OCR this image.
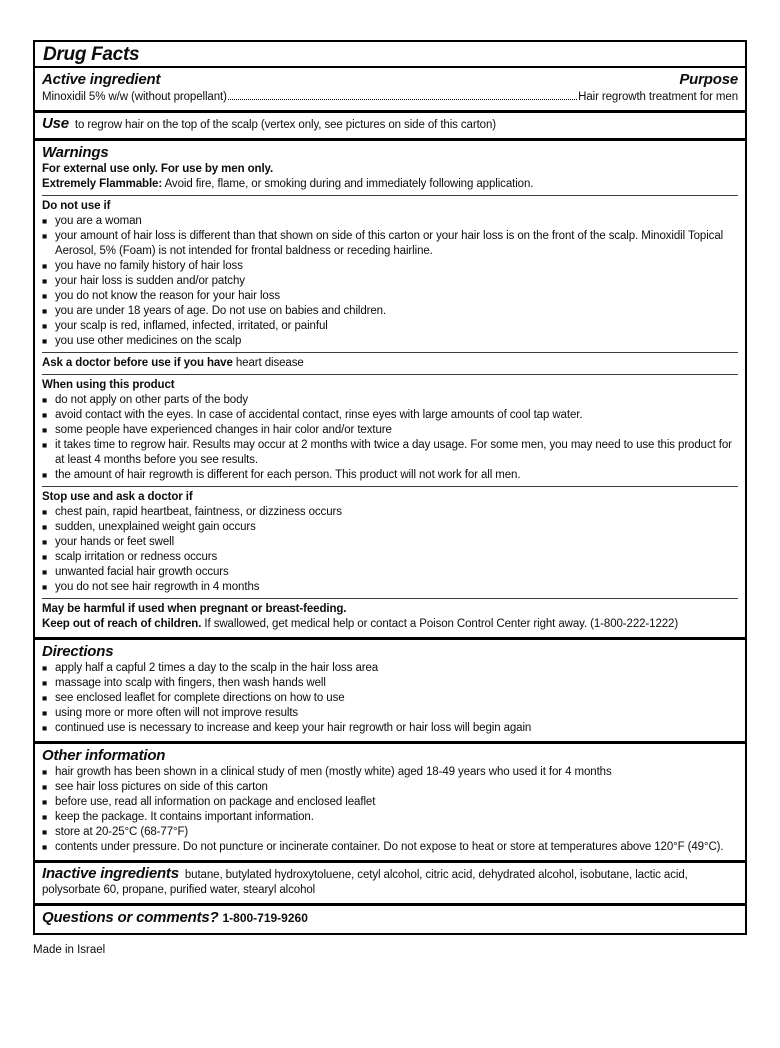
Drug Facts
Active ingredient	Purpose
Minoxidil 5% w/w (without propellant)	Hair regrowth treatment for men
Use to regrow hair on the top of the scalp (vertex only, see pictures on side of this carton)
Warnings
For external use only. For use by men only.
Extremely Flammable: Avoid fire, flame, or smoking during and immediately following application.
Do not use if
■ you are a woman
■ your amount of hair loss is different than that shown on side of this carton or your hair loss is on the front of the scalp. Minoxidil Topical Aerosol, 5% (Foam) is not intended for frontal baldness or receding hairline.
■ you have no family history of hair loss
■ your hair loss is sudden and/or patchy
■ you do not know the reason for your hair loss
■ you are under 18 years of age. Do not use on babies and children.
■ your scalp is red, inflamed, infected, irritated, or painful
■ you use other medicines on the scalp
Ask a doctor before use if you have heart disease
When using this product
■ do not apply on other parts of the body
■ avoid contact with the eyes. In case of accidental contact, rinse eyes with large amounts of cool tap water.
■ some people have experienced changes in hair color and/or texture
■ it takes time to regrow hair. Results may occur at 2 months with twice a day usage. For some men, you may need to use this product for at least 4 months before you see results.
■ the amount of hair regrowth is different for each person. This product will not work for all men.
Stop use and ask a doctor if
■ chest pain, rapid heartbeat, faintness, or dizziness occurs
■ sudden, unexplained weight gain occurs
■ your hands or feet swell
■ scalp irritation or redness occurs
■ unwanted facial hair growth occurs
■ you do not see hair regrowth in 4 months
May be harmful if used when pregnant or breast-feeding.
Keep out of reach of children. If swallowed, get medical help or contact a Poison Control Center right away. (1-800-222-1222)
Directions
■ apply half a capful 2 times a day to the scalp in the hair loss area
■ massage into scalp with fingers, then wash hands well
■ see enclosed leaflet for complete directions on how to use
■ using more or more often will not improve results
■ continued use is necessary to increase and keep your hair regrowth or hair loss will begin again
Other information
■ hair growth has been shown in a clinical study of men (mostly white) aged 18-49 years who used it for 4 months
■ see hair loss pictures on side of this carton
■ before use, read all information on package and enclosed leaflet
■ keep the package. It contains important information.
■ store at 20-25°C (68-77°F)
■ contents under pressure. Do not puncture or incinerate container. Do not expose to heat or store at temperatures above 120°F (49°C).
Inactive ingredients butane, butylated hydroxytoluene, cetyl alcohol, citric acid, dehydrated alcohol, isobutane, lactic acid, polysorbate 60, propane, purified water, stearyl alcohol
Questions or comments? 1-800-719-9260
Made in Israel
